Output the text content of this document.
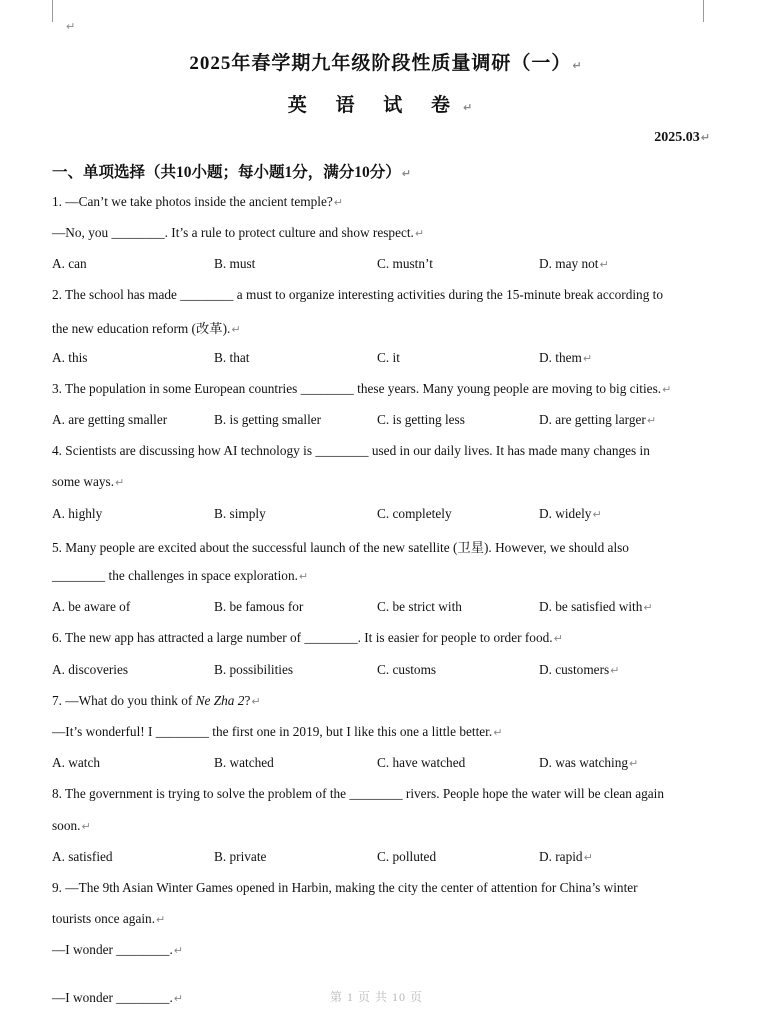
↵
2025年春学期九年级阶段性质量调研（一）↵
英 语 试 卷↵
2025.03↵
一、单项选择（共10小题；每小题1分，满分10分）↵
1. —Can’t we take photos inside the ancient temple?↵
—No, you ________. It’s a rule to protect culture and show respect.↵
A. can	B. must	C. mustn’t	D. may not↵
2. The school has made ________ a must to organize interesting activities during the 15-minute break according to
the new education reform (改革).↵
A. this	B. that	C. it	D. them↵
3. The population in some European countries ________ these years. Many young people are moving to big cities.↵
A. are getting smaller	B. is getting smaller	C. is getting less	D. are getting larger↵
4. Scientists are discussing how AI technology is ________ used in our daily lives. It has made many changes in
some ways.↵
A. highly	B. simply	C. completely	D. widely↵
5. Many people are excited about the successful launch of the new satellite (卫星). However, we should also
________ the challenges in space exploration.↵
A. be aware of	B. be famous for	C. be strict with	D. be satisfied with↵
6. The new app has attracted a large number of ________. It is easier for people to order food.↵
A. discoveries	B. possibilities	C. customs	D. customers↵
7. —What do you think of Ne Zha 2?↵
—It’s wonderful! I ________ the first one in 2019, but I like this one a little better.↵
A. watch	B. watched	C. have watched	D. was watching↵
8. The government is trying to solve the problem of the ________ rivers. People hope the water will be clean again
soon.↵
A. satisfied	B. private	C. polluted	D. rapid↵
9. —The 9th Asian Winter Games opened in Harbin, making the city the center of attention for China’s winter
tourists once again.↵
—I wonder ________.↵
—I wonder ________.↵	第 1 页 共 10 页
